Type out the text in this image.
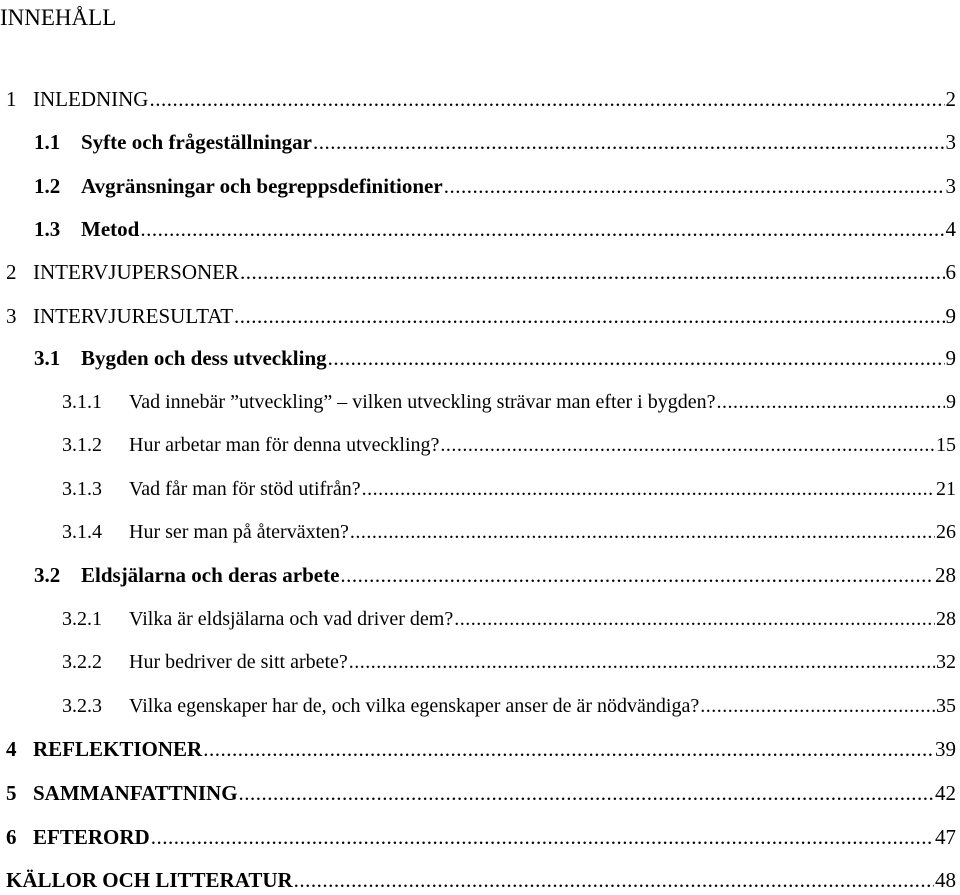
INNEHÅLL
1 INLEDNING .....	2
1.1 Syfte och frågeställningar .....	3
1.2 Avgränsningar och begreppsdefinitioner .....	3
1.3 Metod .....	4
2 INTERVJUPERSONER .....	6
3 INTERVJURESULTAT .....	9
3.1 Bygden och dess utveckling .....	9
3.1.1	Vad innebär ”utveckling” – vilken utveckling strävar man efter i bygden? .....	9
3.1.2	Hur arbetar man för denna utveckling? .....	15
3.1.3	Vad får man för stöd utifrån? .....	21
3.1.4	Hur ser man på återväxten? .....	26
3.2 Eldsjälarna och deras arbete .....	28
3.2.1	Vilka är eldsjälarna och vad driver dem? .....	28
3.2.2	Hur bedriver de sitt arbete? .....	32
3.2.3	Vilka egenskaper har de, och vilka egenskaper anser de är nödvändiga? .....	35
4 REFLEKTIONER .....	39
5 SAMMANFATTNING .....	42
6 EFTERORD .....	47
KÄLLOR OCH LITTERATUR .....	48
